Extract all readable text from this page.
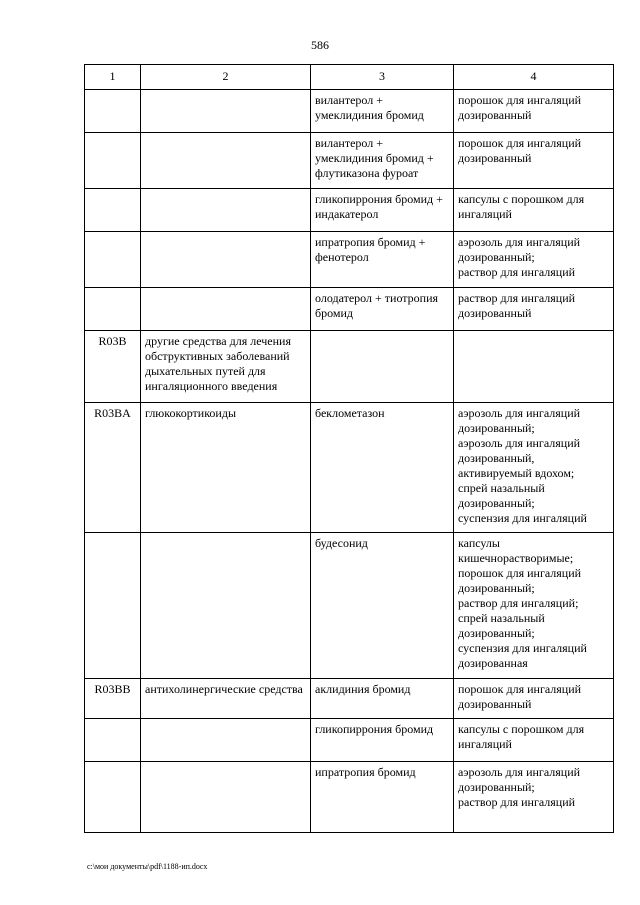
586
1	2	3	4
		вилантерол + умеклидиния бромид	порошок для ингаляций дозированный

		вилантерол + умеклидиния бромид + флутиказона фуроат	порошок для ингаляций дозированный

		гликопиррония бромид + индакатерол	капсулы с порошком для ингаляций

		ипратропия бромид + фенотерол	аэрозоль для ингаляций дозированный;
раствор для ингаляций

		олодатерол + тиотропия бромид	раствор для ингаляций дозированный

R03B	другие средства для лечения обструктивных заболеваний дыхательных путей для ингаляционного введения		
R03BA	глюкокортикоиды	беклометазон	аэрозоль для ингаляций дозированный;
аэрозоль для ингаляций дозированный, активируемый вдохом;
спрей назальный дозированный;
суспензия для ингаляций

		будесонид	капсулы кишечнорастворимые;
порошок для ингаляций дозированный;
раствор для ингаляций;
спрей назальный дозированный;
суспензия для ингаляций дозированная

R03BB	антихолинергические средства	аклидиния бромид	порошок для ингаляций дозированный

		гликопиррония бромид	капсулы с порошком для ингаляций

		ипратропия бромид	аэрозоль для ингаляций дозированный;
раствор для ингаляций
c:\мои документы\pdf\1188-ип.docx
